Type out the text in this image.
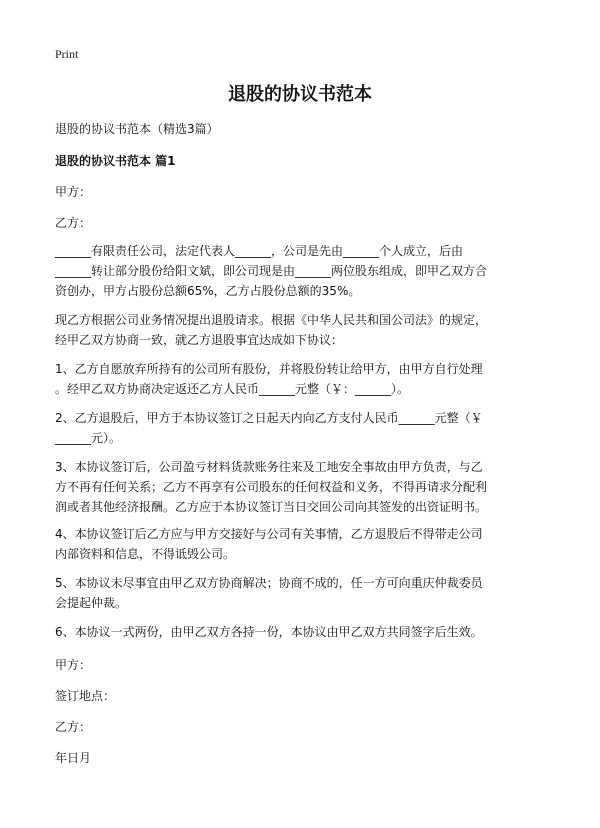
Print
退股的协议书范本
退股的协议书范本（精选3篇）
退股的协议书范本 篇1
甲方：
乙方：
______有限责任公司，法定代表人______，公司是先由______个人成立，后由
______转让部分股份给阳文斌，即公司现是由______两位股东组成，即甲乙双方合
资创办，甲方占股份总额65%，乙方占股份总额的35%。
现乙方根据公司业务情况提出退股请求。根据《中华人民共和国公司法》的规定，
经甲乙双方协商一致，就乙方退股事宜达成如下协议：
1、乙方自愿放弃所持有的公司所有股份，并将股份转让给甲方，由甲方自行处理
。经甲乙双方协商决定返还乙方人民币______元整（￥：______）。
2、乙方退股后，甲方于本协议签订之日起天内向乙方支付人民币______元整（￥
______元）。
3、本协议签订后，公司盈亏材料货款账务往来及工地安全事故由甲方负责，与乙
方不再有任何关系；乙方不再享有公司股东的任何权益和义务，不得再请求分配利
润或者其他经济报酬。乙方应于本协议签订当日交回公司向其签发的出资证明书。
4、本协议签订后乙方应与甲方交接好与公司有关事情，乙方退股后不得带走公司
内部资料和信息，不得诋毁公司。
5、本协议未尽事宜由甲乙双方协商解决；协商不成的，任一方可向重庆仲裁委员
会提起仲裁。
6、本协议一式两份，由甲乙双方各持一份，本协议由甲乙双方共同签字后生效。
甲方：
签订地点：
乙方：
年日月
